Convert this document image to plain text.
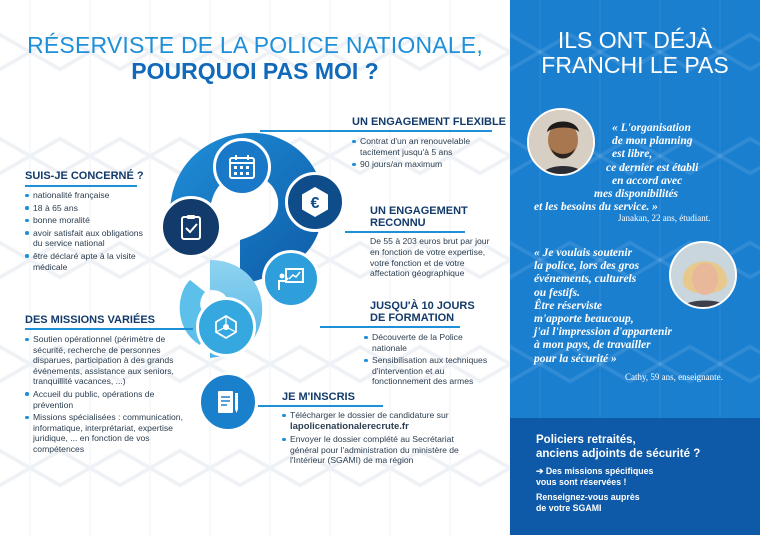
RÉSERVISTE DE LA POLICE NATIONALE,
POURQUOI PAS MOI ?
€
SUIS-JE CONCERNÉ ?
nationalité française
18 à 65 ans
bonne moralité
avoir satisfait aux obligations du service national
être déclaré apte à la visite médicale
DES MISSIONS VARIÉES
Soutien opérationnel (périmètre de sécurité, recherche de personnes disparues, participation à des grands événements, assistance aux seniors, tranquillité vacances, ...)
Accueil du public, opérations de prévention
Missions spécialisées : communication, informatique, interprétariat, expertise juridique, ... en fonction de vos compétences
UN ENGAGEMENT FLEXIBLE
Contrat d'un an renouvelable tacitement jusqu'à 5 ans
90 jours/an maximum
UN ENGAGEMENT
RECONNU
De 55 à 203 euros brut par jour en fonction de votre expertise, votre fonction et de votre affectation géographique
JUSQU'À 10 JOURS
DE FORMATION
Découverte de la Police nationale
Sensibilisation aux techniques d'intervention et au fonctionnement des armes
JE M'INSCRIS
Télécharger le dossier de candidature sur lapolicenationalerecrute.fr
Envoyer le dossier complété au Secrétariat général pour l'administration du ministère de l'Intérieur (SGAMI) de ma région
ILS ONT DÉJÀ
FRANCHI LE PAS
« L'organisation
de mon planning
est libre,
ce dernier est établi
en accord avec
mes disponibilités
et les besoins du service. »
Janakan, 22 ans, étudiant.
« Je voulais soutenir
la police, lors des gros
événements, culturels
ou festifs.
Être réserviste
m'apporte beaucoup,
j'ai l'impression d'appartenir
à mon pays, de travailler
pour la sécurité »
Cathy, 59 ans, enseignante.
Policiers retraités,
anciens adjoints de sécurité ?
➔ Des missions spécifiques
vous sont réservées !
Renseignez-vous auprès
de votre SGAMI
